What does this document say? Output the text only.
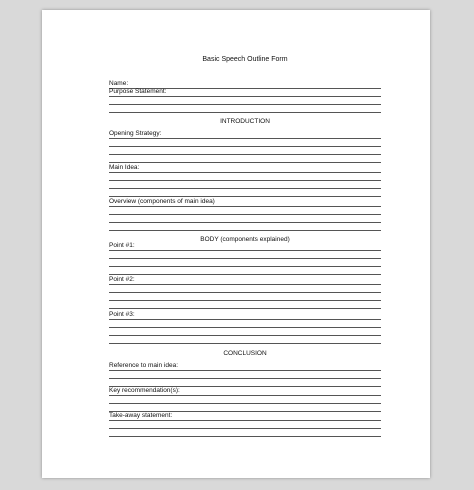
Basic Speech Outline Form
Name:
Purpose Statement:
INTRODUCTION
Opening Strategy:
Main Idea:
Overview (components of main idea)
BODY (components explained)
Point #1:
Point #2:
Point #3:
CONCLUSION
Reference to main idea:
Key recommendation(s):
Take-away statement:
